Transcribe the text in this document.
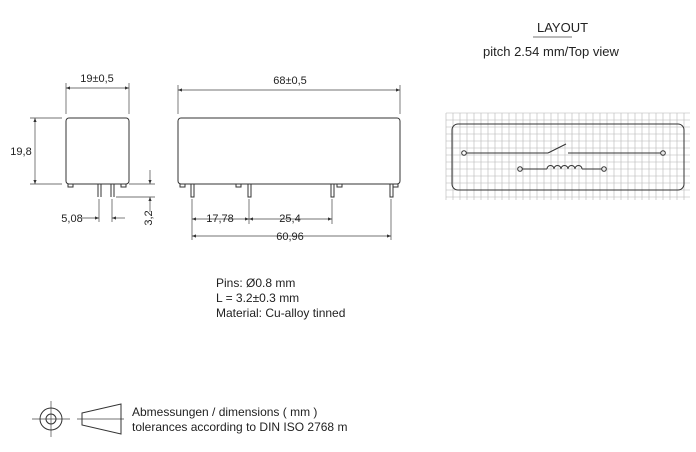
19±0,5
19,8
5,08	3,2
68±0,5
17,78	25,4
60,96
LAYOUT
pitch 2.54 mm/Top view
Pins: Ø0.8 mm
L = 3.2±0.3 mm
Material: Cu-alloy tinned
Abmessungen / dimensions ( mm )
tolerances according to DIN ISO 2768 m
